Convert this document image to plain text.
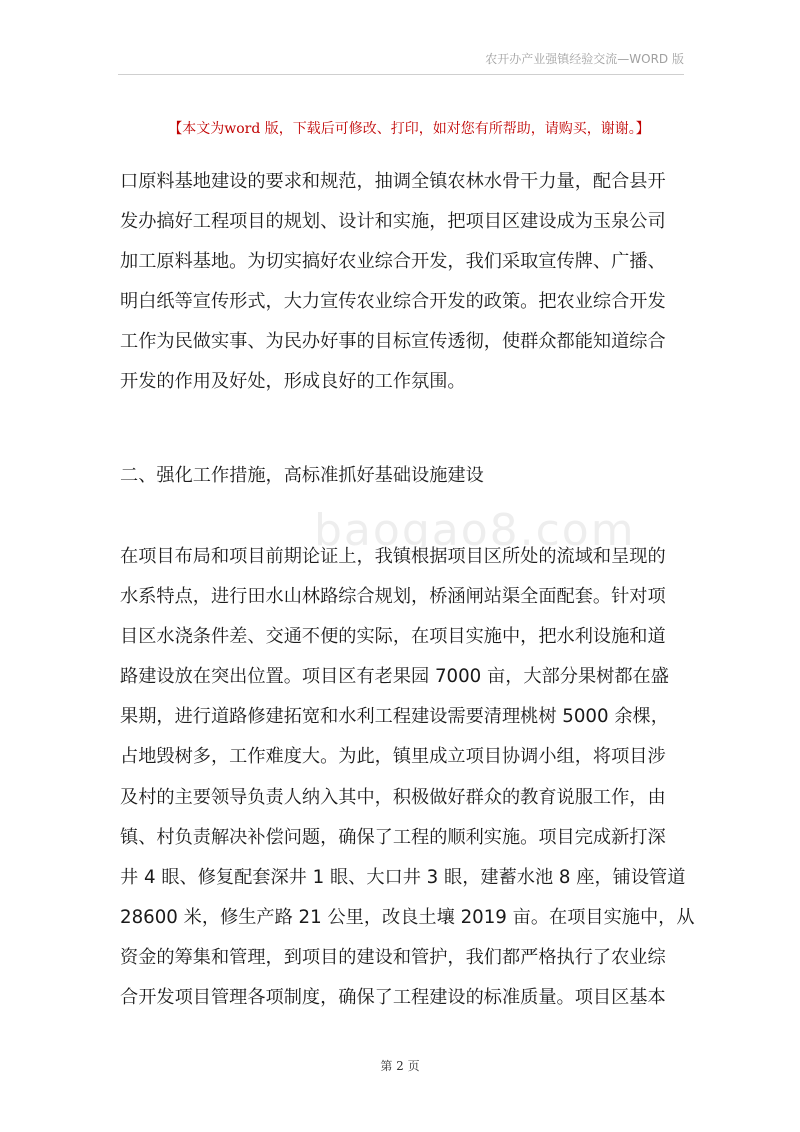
农开办产业强镇经验交流—WORD 版
【本文为word 版，下载后可修改、打印，如对您有所帮助，请购买，谢谢。】
baogao8.com
口原料基地建设的要求和规范，抽调全镇农林水骨干力量，配合县开
发办搞好工程项目的规划、设计和实施，把项目区建设成为玉泉公司
加工原料基地。为切实搞好农业综合开发，我们采取宣传牌、广播、
明白纸等宣传形式，大力宣传农业综合开发的政策。把农业综合开发
工作为民做实事、为民办好事的目标宣传透彻，使群众都能知道综合
开发的作用及好处，形成良好的工作氛围。
二、强化工作措施，高标准抓好基础设施建设
在项目布局和项目前期论证上，我镇根据项目区所处的流域和呈现的
水系特点，进行田水山林路综合规划，桥涵闸站渠全面配套。针对项
目区水浇条件差、交通不便的实际，在项目实施中，把水利设施和道
路建设放在突出位置。项目区有老果园 7000 亩，大部分果树都在盛
果期，进行道路修建拓宽和水利工程建设需要清理桃树 5000 余棵，
占地毁树多，工作难度大。为此，镇里成立项目协调小组，将项目涉
及村的主要领导负责人纳入其中，积极做好群众的教育说服工作，由
镇、村负责解决补偿问题，确保了工程的顺利实施。项目完成新打深
井 4 眼、修复配套深井 1 眼、大口井 3 眼，建蓄水池 8 座，铺设管道
28600 米，修生产路 21 公里，改良土壤 2019 亩。在项目实施中，从
资金的筹集和管理，到项目的建设和管护，我们都严格执行了农业综
合开发项目管理各项制度，确保了工程建设的标准质量。项目区基本
第 2 页
